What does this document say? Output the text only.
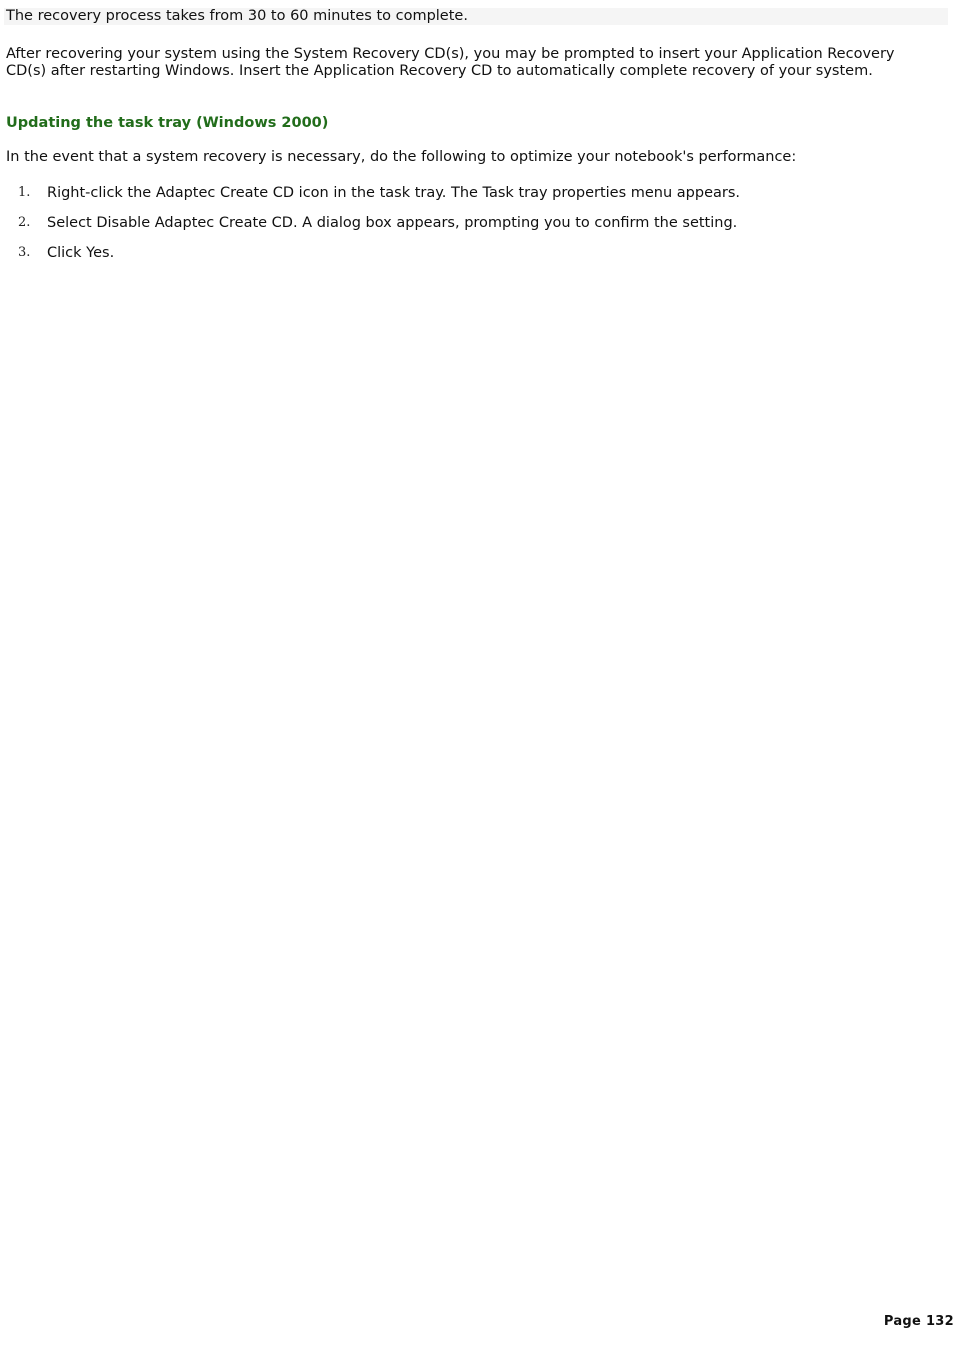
The recovery process takes from 30 to 60 minutes to complete.

After recovering your system using the System Recovery CD(s), you may be prompted to insert your Application Recovery CD(s) after restarting Windows. Insert the Application Recovery CD to automatically complete recovery of your system.

Updating the task tray (Windows 2000)

In the event that a system recovery is necessary, do the following to optimize your notebook's performance:

1. Right-click the Adaptec Create CD icon in the task tray. The Task tray properties menu appears.
2. Select Disable Adaptec Create CD. A dialog box appears, prompting you to confirm the setting.
3. Click Yes.
Page 132
